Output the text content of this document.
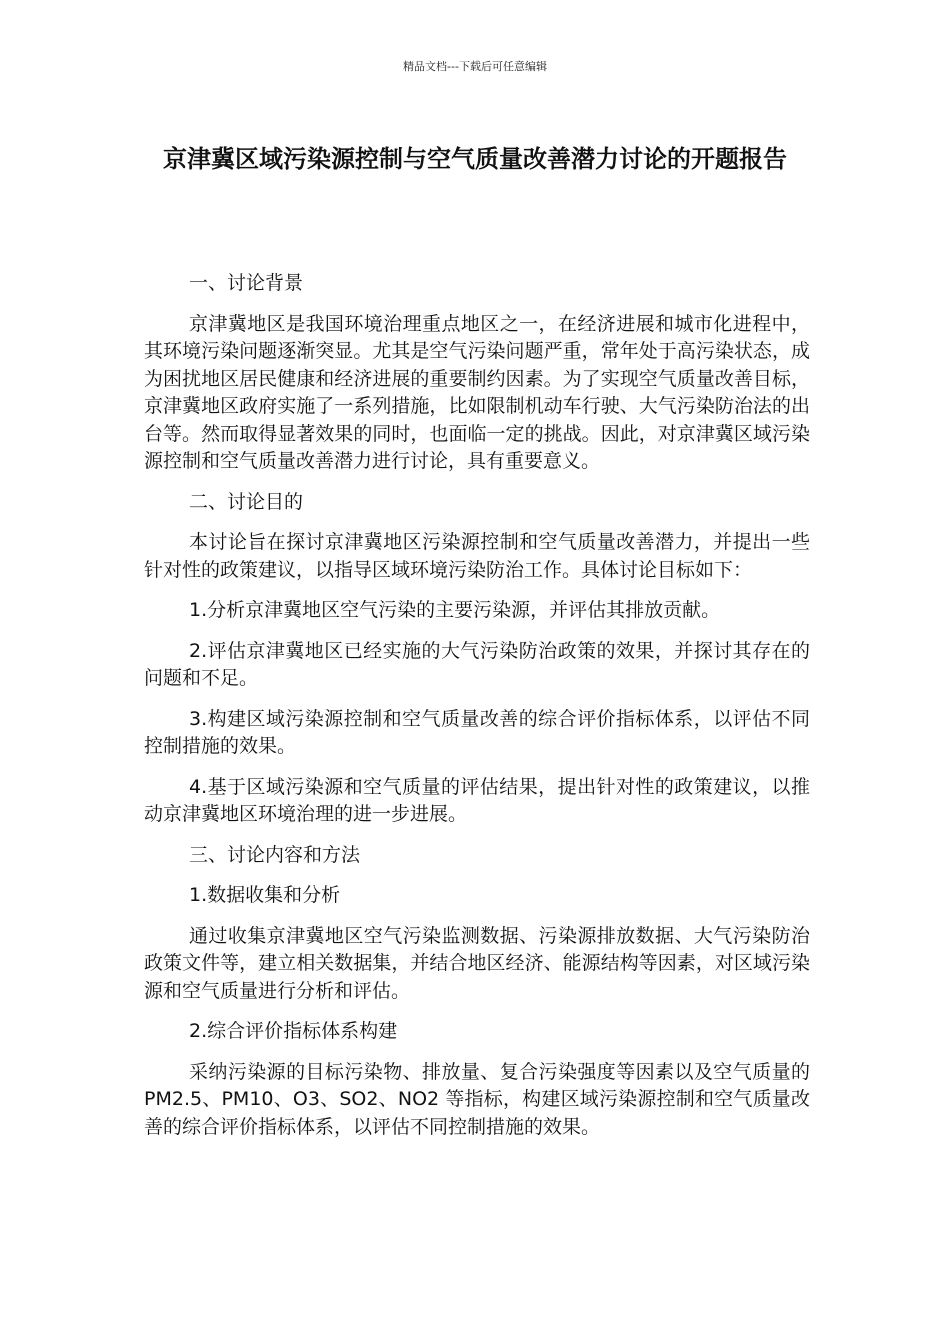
精品文档---下载后可任意编辑
京津冀区域污染源控制与空气质量改善潜力讨论的开题报告
一、讨论背景
京津冀地区是我国环境治理重点地区之一，在经济进展和城市化进程中，其环境污染问题逐渐突显。尤其是空气污染问题严重，常年处于高污染状态，成为困扰地区居民健康和经济进展的重要制约因素。为了实现空气质量改善目标，京津冀地区政府实施了一系列措施，比如限制机动车行驶、大气污染防治法的出台等。然而取得显著效果的同时，也面临一定的挑战。因此，对京津冀区域污染源控制和空气质量改善潜力进行讨论，具有重要意义。
二、讨论目的
本讨论旨在探讨京津冀地区污染源控制和空气质量改善潜力，并提出一些针对性的政策建议，以指导区域环境污染防治工作。具体讨论目标如下：
1.分析京津冀地区空气污染的主要污染源，并评估其排放贡献。
2.评估京津冀地区已经实施的大气污染防治政策的效果，并探讨其存在的问题和不足。
3.构建区域污染源控制和空气质量改善的综合评价指标体系，以评估不同控制措施的效果。
4.基于区域污染源和空气质量的评估结果，提出针对性的政策建议，以推动京津冀地区环境治理的进一步进展。
三、讨论内容和方法
1.数据收集和分析
通过收集京津冀地区空气污染监测数据、污染源排放数据、大气污染防治政策文件等，建立相关数据集，并结合地区经济、能源结构等因素，对区域污染源和空气质量进行分析和评估。
2.综合评价指标体系构建
采纳污染源的目标污染物、排放量、复合污染强度等因素以及空气质量的 PM2.5、PM10、O3、SO2、NO2 等指标，构建区域污染源控制和空气质量改善的综合评价指标体系，以评估不同控制措施的效果。
